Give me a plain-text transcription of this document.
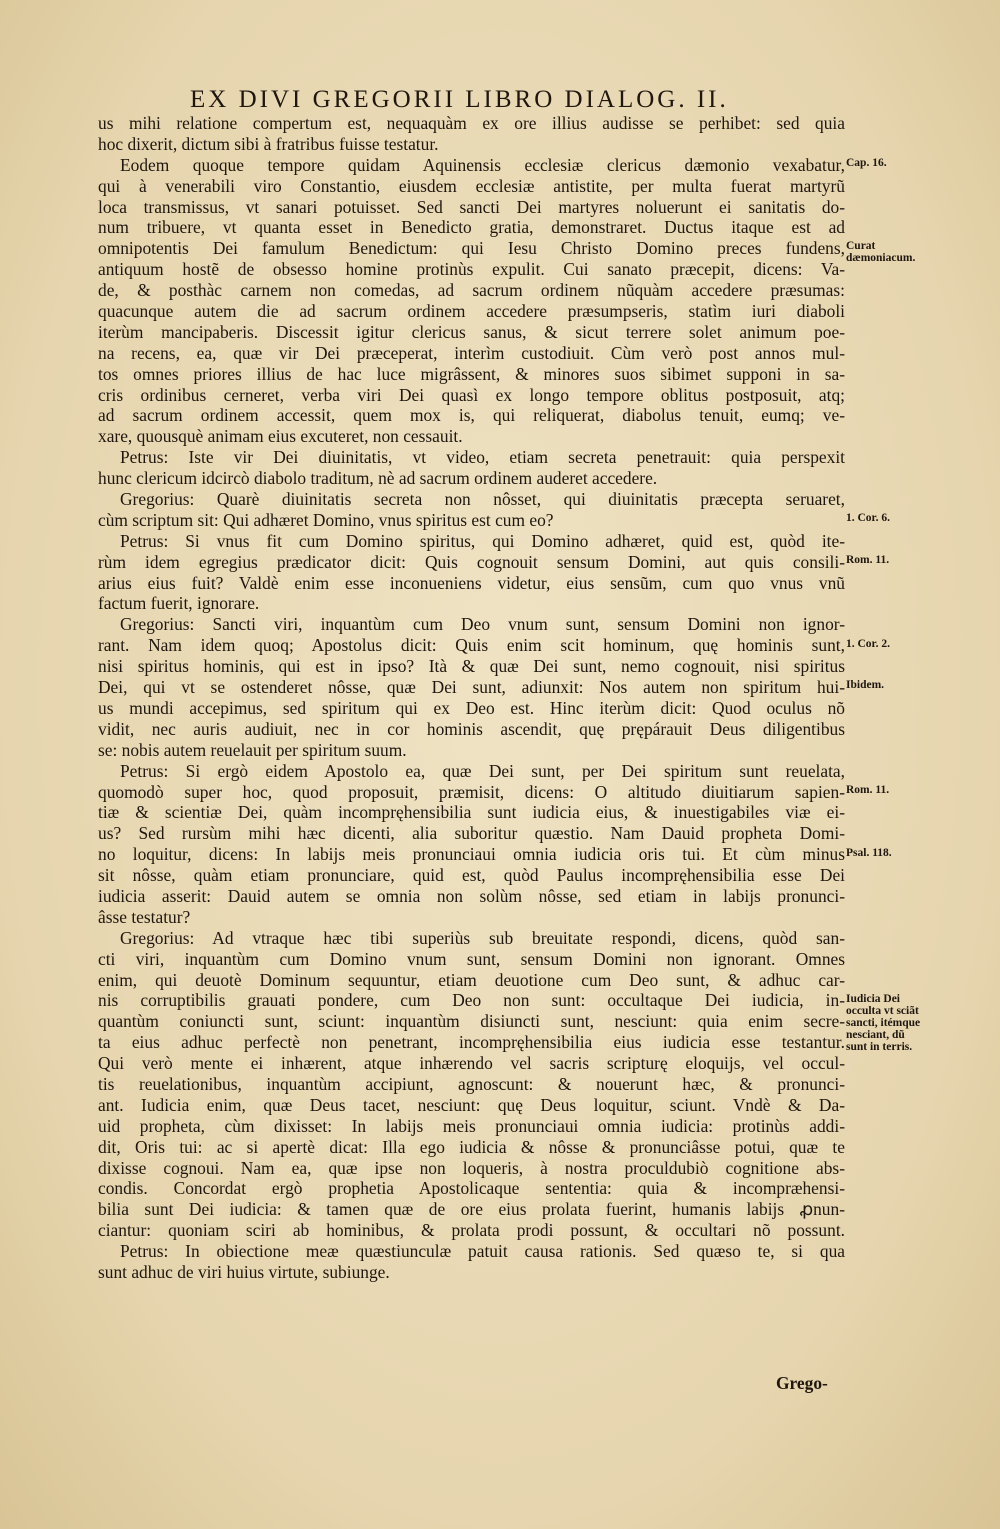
EX DIVI GREGORII LIBRO DIALOG. II.
us mihi relatione compertum est, nequaquàm ex ore illius audisse se perhibet: sed quia
hoc dixerit, dictum sibi à fratribus fuisse testatur.
Eodem quoque tempore quidam Aquinensis ecclesiæ clericus dæmonio vexabatur,
qui à venerabili viro Constantio, eiusdem ecclesiæ antistite, per multa fuerat martyrũ
loca transmissus, vt sanari potuisset. Sed sancti Dei martyres noluerunt ei sanitatis do-
num tribuere, vt quanta esset in Benedicto gratia, demonstraret. Ductus itaque est ad
omnipotentis Dei famulum Benedictum: qui Iesu Christo Domino preces fundens,
antiquum hostẽ de obsesso homine protinùs expulit. Cui sanato præcepit, dicens: Va-
de, & posthàc carnem non comedas, ad sacrum ordinem nũquàm accedere præsumas:
quacunque autem die ad sacrum ordinem accedere præsumpseris, statìm iuri diaboli
iterùm mancipaberis. Discessit igitur clericus sanus, & sicut terrere solet animum poe-
na recens, ea, quæ vir Dei præceperat, interìm custodiuit. Cùm verò post annos mul-
tos omnes priores illius de hac luce migrâssent, & minores suos sibimet supponi in sa-
cris ordinibus cerneret, verba viri Dei quasì ex longo tempore oblitus postposuit, atq;
ad sacrum ordinem accessit, quem mox is, qui reliquerat, diabolus tenuit, eumq; ve-
xare, quousquè animam eius excuteret, non cessauit.
Petrus: Iste vir Dei diuinitatis, vt video, etiam secreta penetrauit: quia perspexit
hunc clericum idcircò diabolo traditum, nè ad sacrum ordinem auderet accedere.
Gregorius: Quarè diuinitatis secreta non nôsset, qui diuinitatis præcepta seruaret,
cùm scriptum sit: Qui adhæret Domino, vnus spiritus est cum eo?
Petrus: Si vnus fit cum Domino spiritus, qui Domino adhæret, quid est, quòd ite-
rùm idem egregius prædicator dicit: Quis cognouit sensum Domini, aut quis consili-
arius eius fuit? Valdè enim esse inconueniens videtur, eius sensũm, cum quo vnus vnũ
factum fuerit, ignorare.
Gregorius: Sancti viri, inquantùm cum Deo vnum sunt, sensum Domini non ignor-
rant. Nam idem quoq; Apostolus dicit: Quis enim scit hominum, quę hominis sunt,
nisi spiritus hominis, qui est in ipso? Ità & quæ Dei sunt, nemo cognouit, nisi spiritus
Dei, qui vt se ostenderet nôsse, quæ Dei sunt, adiunxit: Nos autem non spiritum hui-
us mundi accepimus, sed spiritum qui ex Deo est. Hinc iterùm dicit: Quod oculus nõ
vidit, nec auris audiuit, nec in cor hominis ascendit, quę prępárauit Deus diligentibus
se: nobis autem reuelauit per spiritum suum.
Petrus: Si ergò eidem Apostolo ea, quæ Dei sunt, per Dei spiritum sunt reuelata,
quomodò super hoc, quod proposuit, præmisit, dicens: O altitudo diuitiarum sapien-
tiæ & scientiæ Dei, quàm incompręhensibilia sunt iudicia eius, & inuestigabiles viæ ei-
us? Sed rursùm mihi hæc dicenti, alia suboritur quæstio. Nam Dauid propheta Domi-
no loquitur, dicens: In labijs meis pronunciaui omnia iudicia oris tui. Et cùm minus
sit nôsse, quàm etiam pronunciare, quid est, quòd Paulus incompręhensibilia esse Dei
iudicia asserit: Dauid autem se omnia non solùm nôsse, sed etiam in labijs pronunci-
âsse testatur?
Gregorius: Ad vtraque hæc tibi superiùs sub breuitate respondi, dicens, quòd san-
cti viri, inquantùm cum Domino vnum sunt, sensum Domini non ignorant. Omnes
enim, qui deuotè Dominum sequuntur, etiam deuotione cum Deo sunt, & adhuc car-
nis corruptibilis grauati pondere, cum Deo non sunt: occultaque Dei iudicia, in-
quantùm coniuncti sunt, sciunt: inquantùm disiuncti sunt, nesciunt: quia enim secre-
ta eius adhuc perfectè non penetrant, incompręhensibilia eius iudicia esse testantur.
Qui verò mente ei inhærent, atque inhærendo vel sacris scripturę eloquijs, vel occul-
tis reuelationibus, inquantùm accipiunt, agnoscunt: & nouerunt hæc, & pronunci-
ant. Iudicia enim, quæ Deus tacet, nesciunt: quę Deus loquitur, sciunt. Vndè & Da-
uid propheta, cùm dixisset: In labijs meis pronunciaui omnia iudicia: protinùs addi-
dit, Oris tui: ac si apertè dicat: Illa ego iudicia & nôsse & pronunciâsse potui, quæ te
dixisse cognoui. Nam ea, quæ ipse non loqueris, à nostra proculdubiò cognitione abs-
condis. Concordat ergò prophetia Apostolicaque sententia: quia & incompræhensi-
bilia sunt Dei iudicia: & tamen quæ de ore eius prolata fuerint, humanis labijs ꝓnun-
ciantur: quoniam sciri ab hominibus, & prolata prodi possunt, & occultari nõ possunt.
Petrus: In obiectione meæ quæstiunculæ patuit causa rationis. Sed quæso te, si qua
sunt adhuc de viri huius virtute, subiunge.
Cap. 16.
Curat dæmoniacum.
1. Cor. 6.
Rom. 11.
1. Cor. 2.
Ibidem.
Rom. 11.
Psal. 118.
Iudicia Dei occulta vt sciãt sancti, itémque nesciant, dũ sunt in terris.
Grego-
